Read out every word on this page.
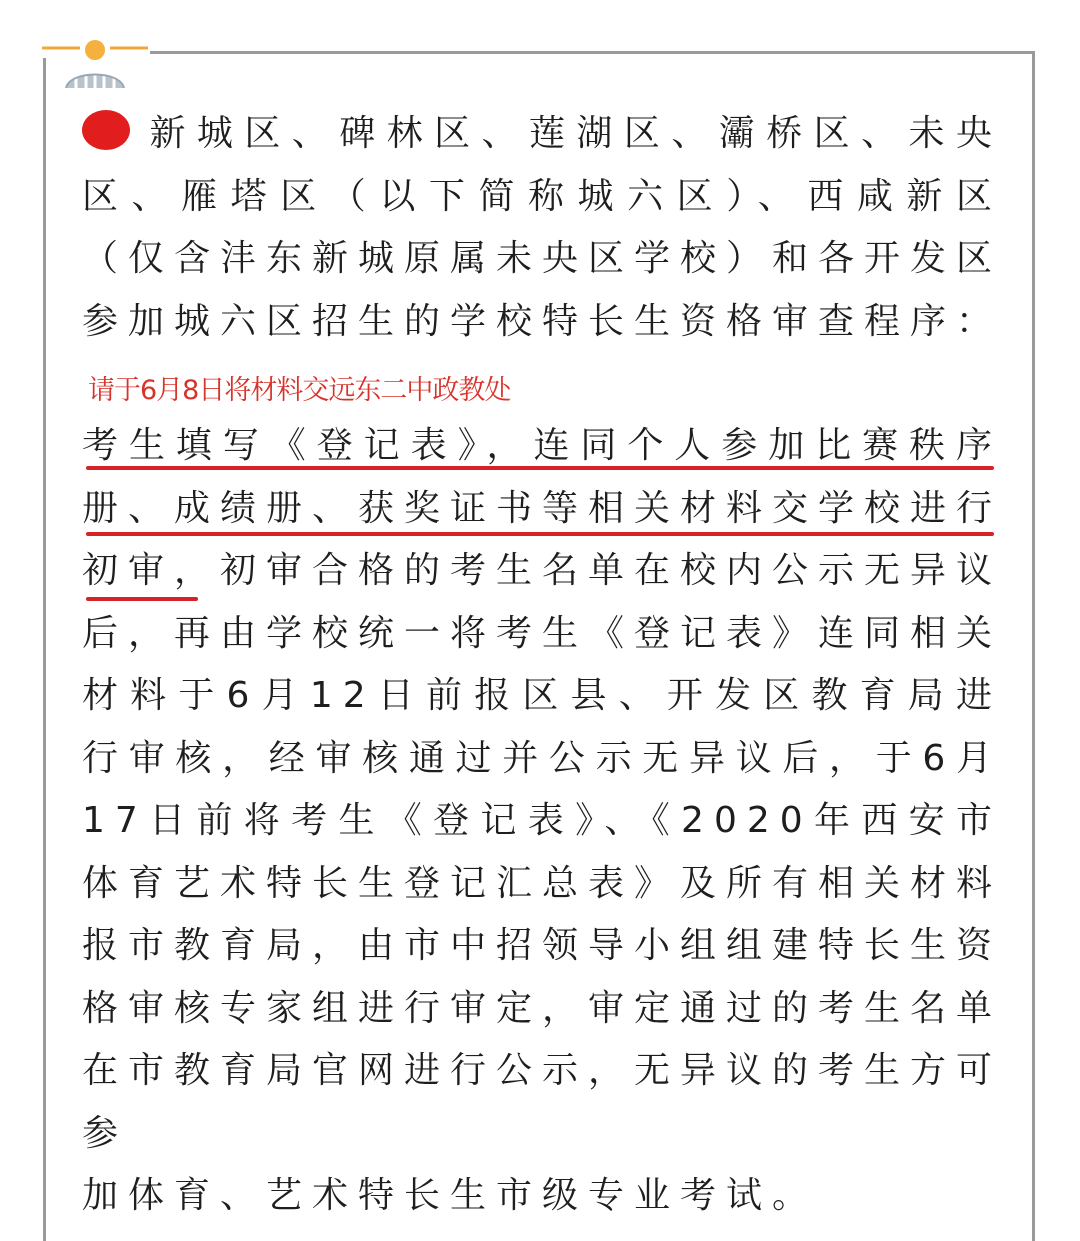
新城区、碑林区、莲湖区、灞桥区、未央区、雁塔区（以下简称城六区）、西咸新区（仅含沣东新城原属未央区学校）和各开发区
参加城六区招生的学校特长生资格审查程序：

请于6月8日将材料交远东二中政教处

考生填写《登记表》，连同个人参加比赛秩序册、成绩册、获奖证书等相关材料交学校进行初审，初审合格的考生名单在校内公示无异议后，再由学校统一将考生《登记表》连同相关材料于6月12日前报区县、开发区教育局进行审核，经审核通过并公示无异议后，于6月17日前将考生《登记表》、《2020年西安市体育艺术特长生登记汇总表》及所有相关材料报市教育局，由市中招领导小组组建特长生资格审核专家组进行审定，审定通过的考生名单在市教育局官网进行公示，无异议的考生方可参
加体育、艺术特长生市级专业考试。
